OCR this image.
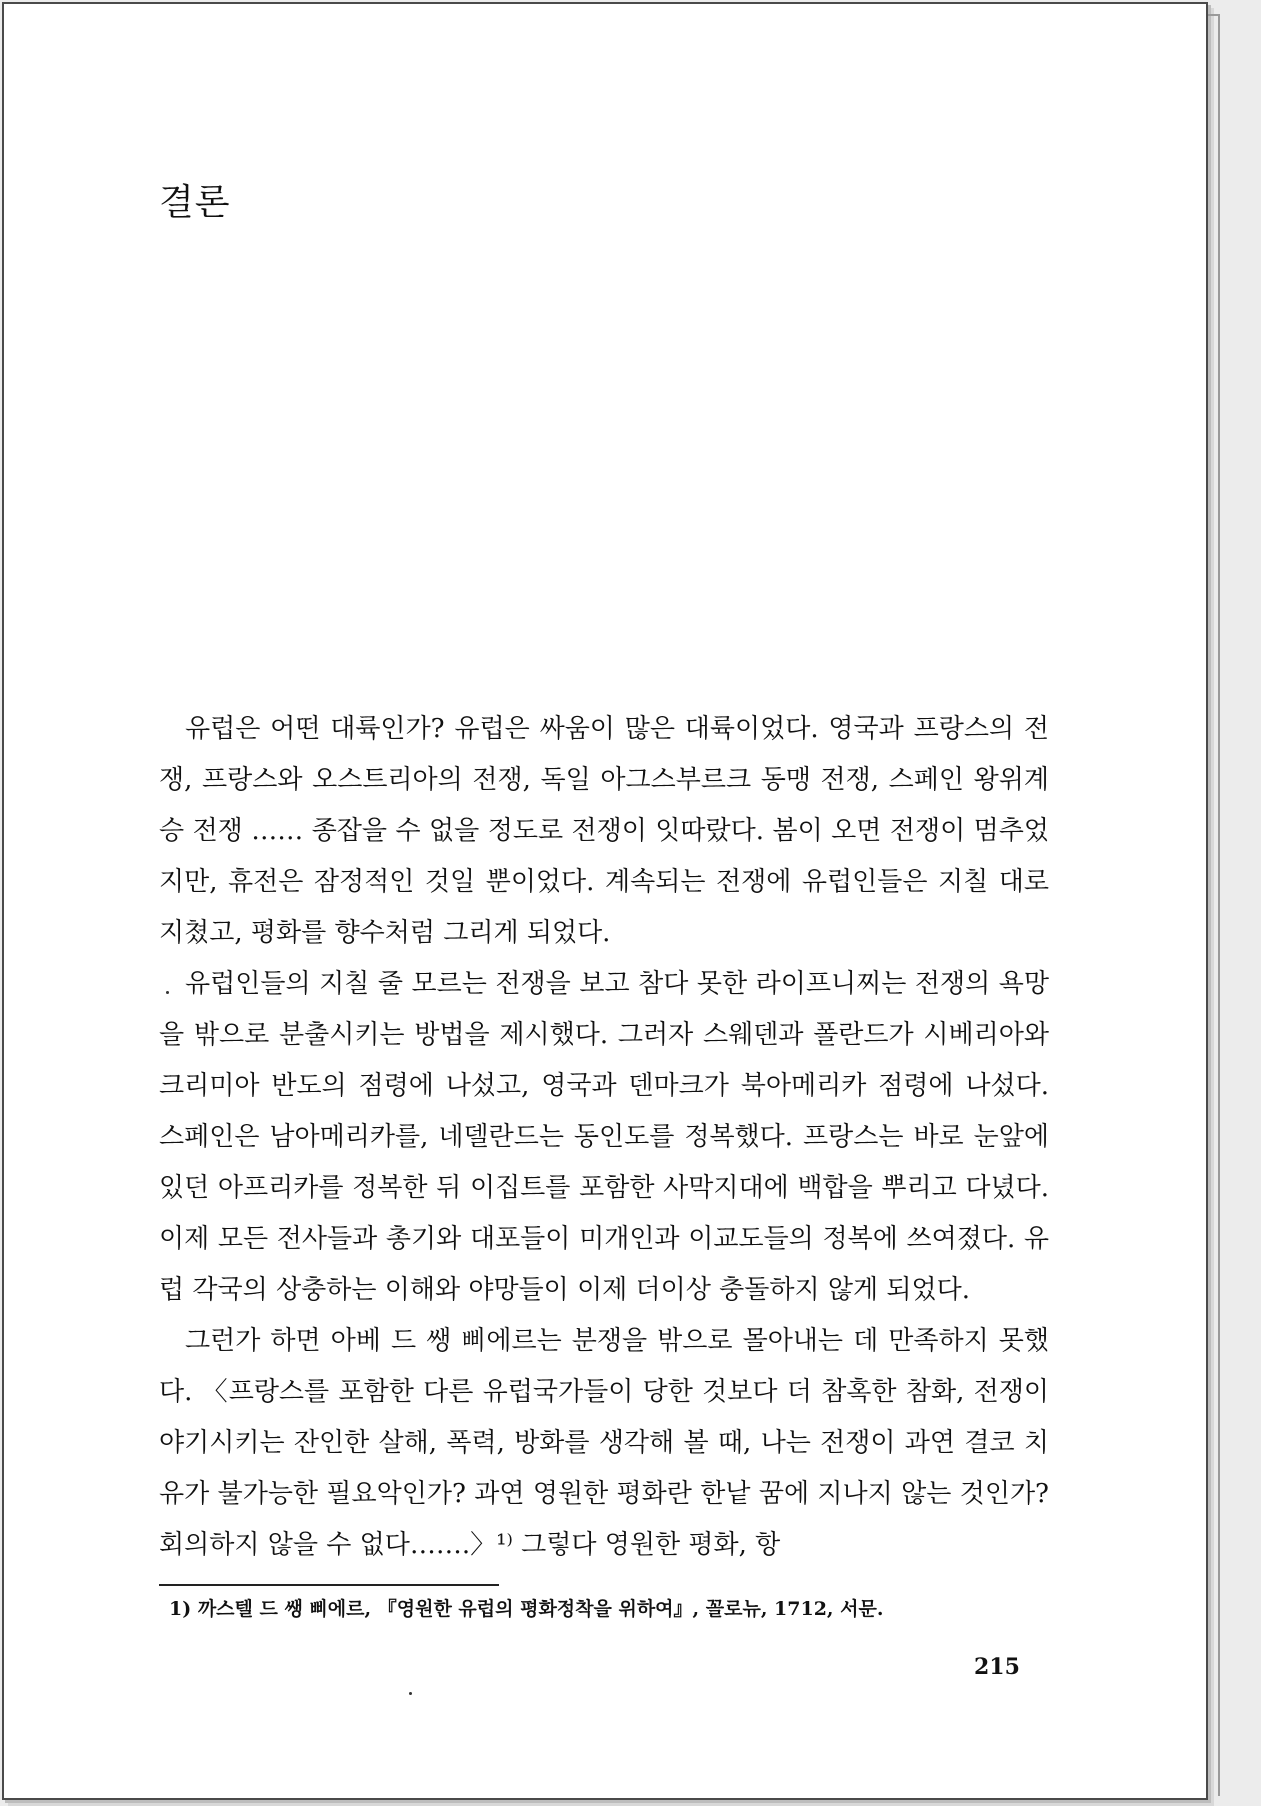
결론

유럽은 어떤 대륙인가? 유럽은 싸움이 많은 대륙이었다. 영국과 프랑스의 전쟁, 프랑스와 오스트리아의 전쟁, 독일 아그스부르크 동맹 전쟁, 스페인 왕위계승 전쟁 …… 종잡을 수 없을 정도로 전쟁이 잇따랐다. 봄이 오면 전쟁이 멈추었지만, 휴전은 잠정적인 것일 뿐이었다. 계속되는 전쟁에 유럽인들은 지칠 대로 지쳤고, 평화를 향수처럼 그리게 되었다.

유럽인들의 지칠 줄 모르는 전쟁을 보고 참다 못한 라이프니찌는 전쟁의 욕망을 밖으로 분출시키는 방법을 제시했다. 그러자 스웨덴과 폴란드가 시베리아와 크리미아 반도의 점령에 나섰고, 영국과 덴마크가 북아메리카 점령에 나섰다. 스페인은 남아메리카를, 네델란드는 동인도를 정복했다. 프랑스는 바로 눈앞에 있던 아프리카를 정복한 뒤 이집트를 포함한 사막지대에 백합을 뿌리고 다녔다. 이제 모든 전사들과 총기와 대포들이 미개인과 이교도들의 정복에 쓰여졌다. 유럽 각국의 상충하는 이해와 야망들이 이제 더이상 충돌하지 않게 되었다.

그런가 하면 아베 드 쌩 삐에르는 분쟁을 밖으로 몰아내는 데 만족하지 못했다. 〈프랑스를 포함한 다른 유럽국가들이 당한 것보다 더 참혹한 참화, 전쟁이 야기시키는 잔인한 살해, 폭력, 방화를 생각해 볼 때, 나는 전쟁이 과연 결코 치유가 불가능한 필요악인가? 과연 영원한 평화란 한낱 꿈에 지나지 않는 것인가? 회의하지 않을 수 없다…….〉¹⁾ 그렇다 영원한 평화, 항

1) 까스텔 드 쌩 삐에르, 『영원한 유럽의 평화정착을 위하여』, 꼴로뉴, 1712, 서문.
215
